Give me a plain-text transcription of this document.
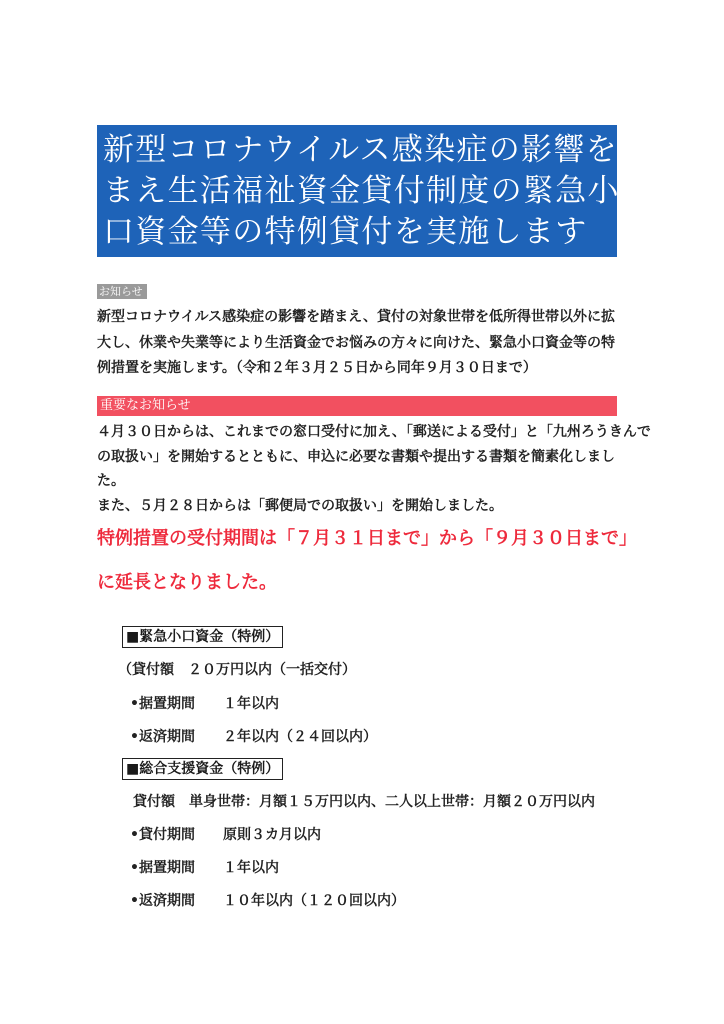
新型コロナウイルス感染症の影響を踏
まえ生活福祉資金貸付制度の緊急小
口資金等の特例貸付を実施します
お知らせ
新型コロナウイルス感染症の影響を踏まえ、貸付の対象世帯を低所得世帯以外に拡
大し、休業や失業等により生活資金でお悩みの方々に向けた、緊急小口資金等の特
例措置を実施します。（令和２年３月２５日から同年９月３０日まで）
重要なお知らせ
４月３０日からは、これまでの窓口受付に加え、「郵送による受付」と「九州ろうきんで
の取扱い」を開始するとともに、申込に必要な書類や提出する書類を簡素化しまし
た。
また、５月２８日からは「郵便局での取扱い」を開始しました。
特例措置の受付期間は「７月３１日まで」から「９月３０日まで」
に延長となりました。
■緊急小口資金（特例）
（貸付額　２０万円以内（一括交付）
•据置期間　　１年以内
•返済期間　　２年以内（２４回以内）
■総合支援資金（特例）
貸付額　単身世帯：月額１５万円以内、二人以上世帯：月額２０万円以内
•貸付期間　　原則３カ月以内
•据置期間　　１年以内
•返済期間　　１０年以内（１２０回以内）
